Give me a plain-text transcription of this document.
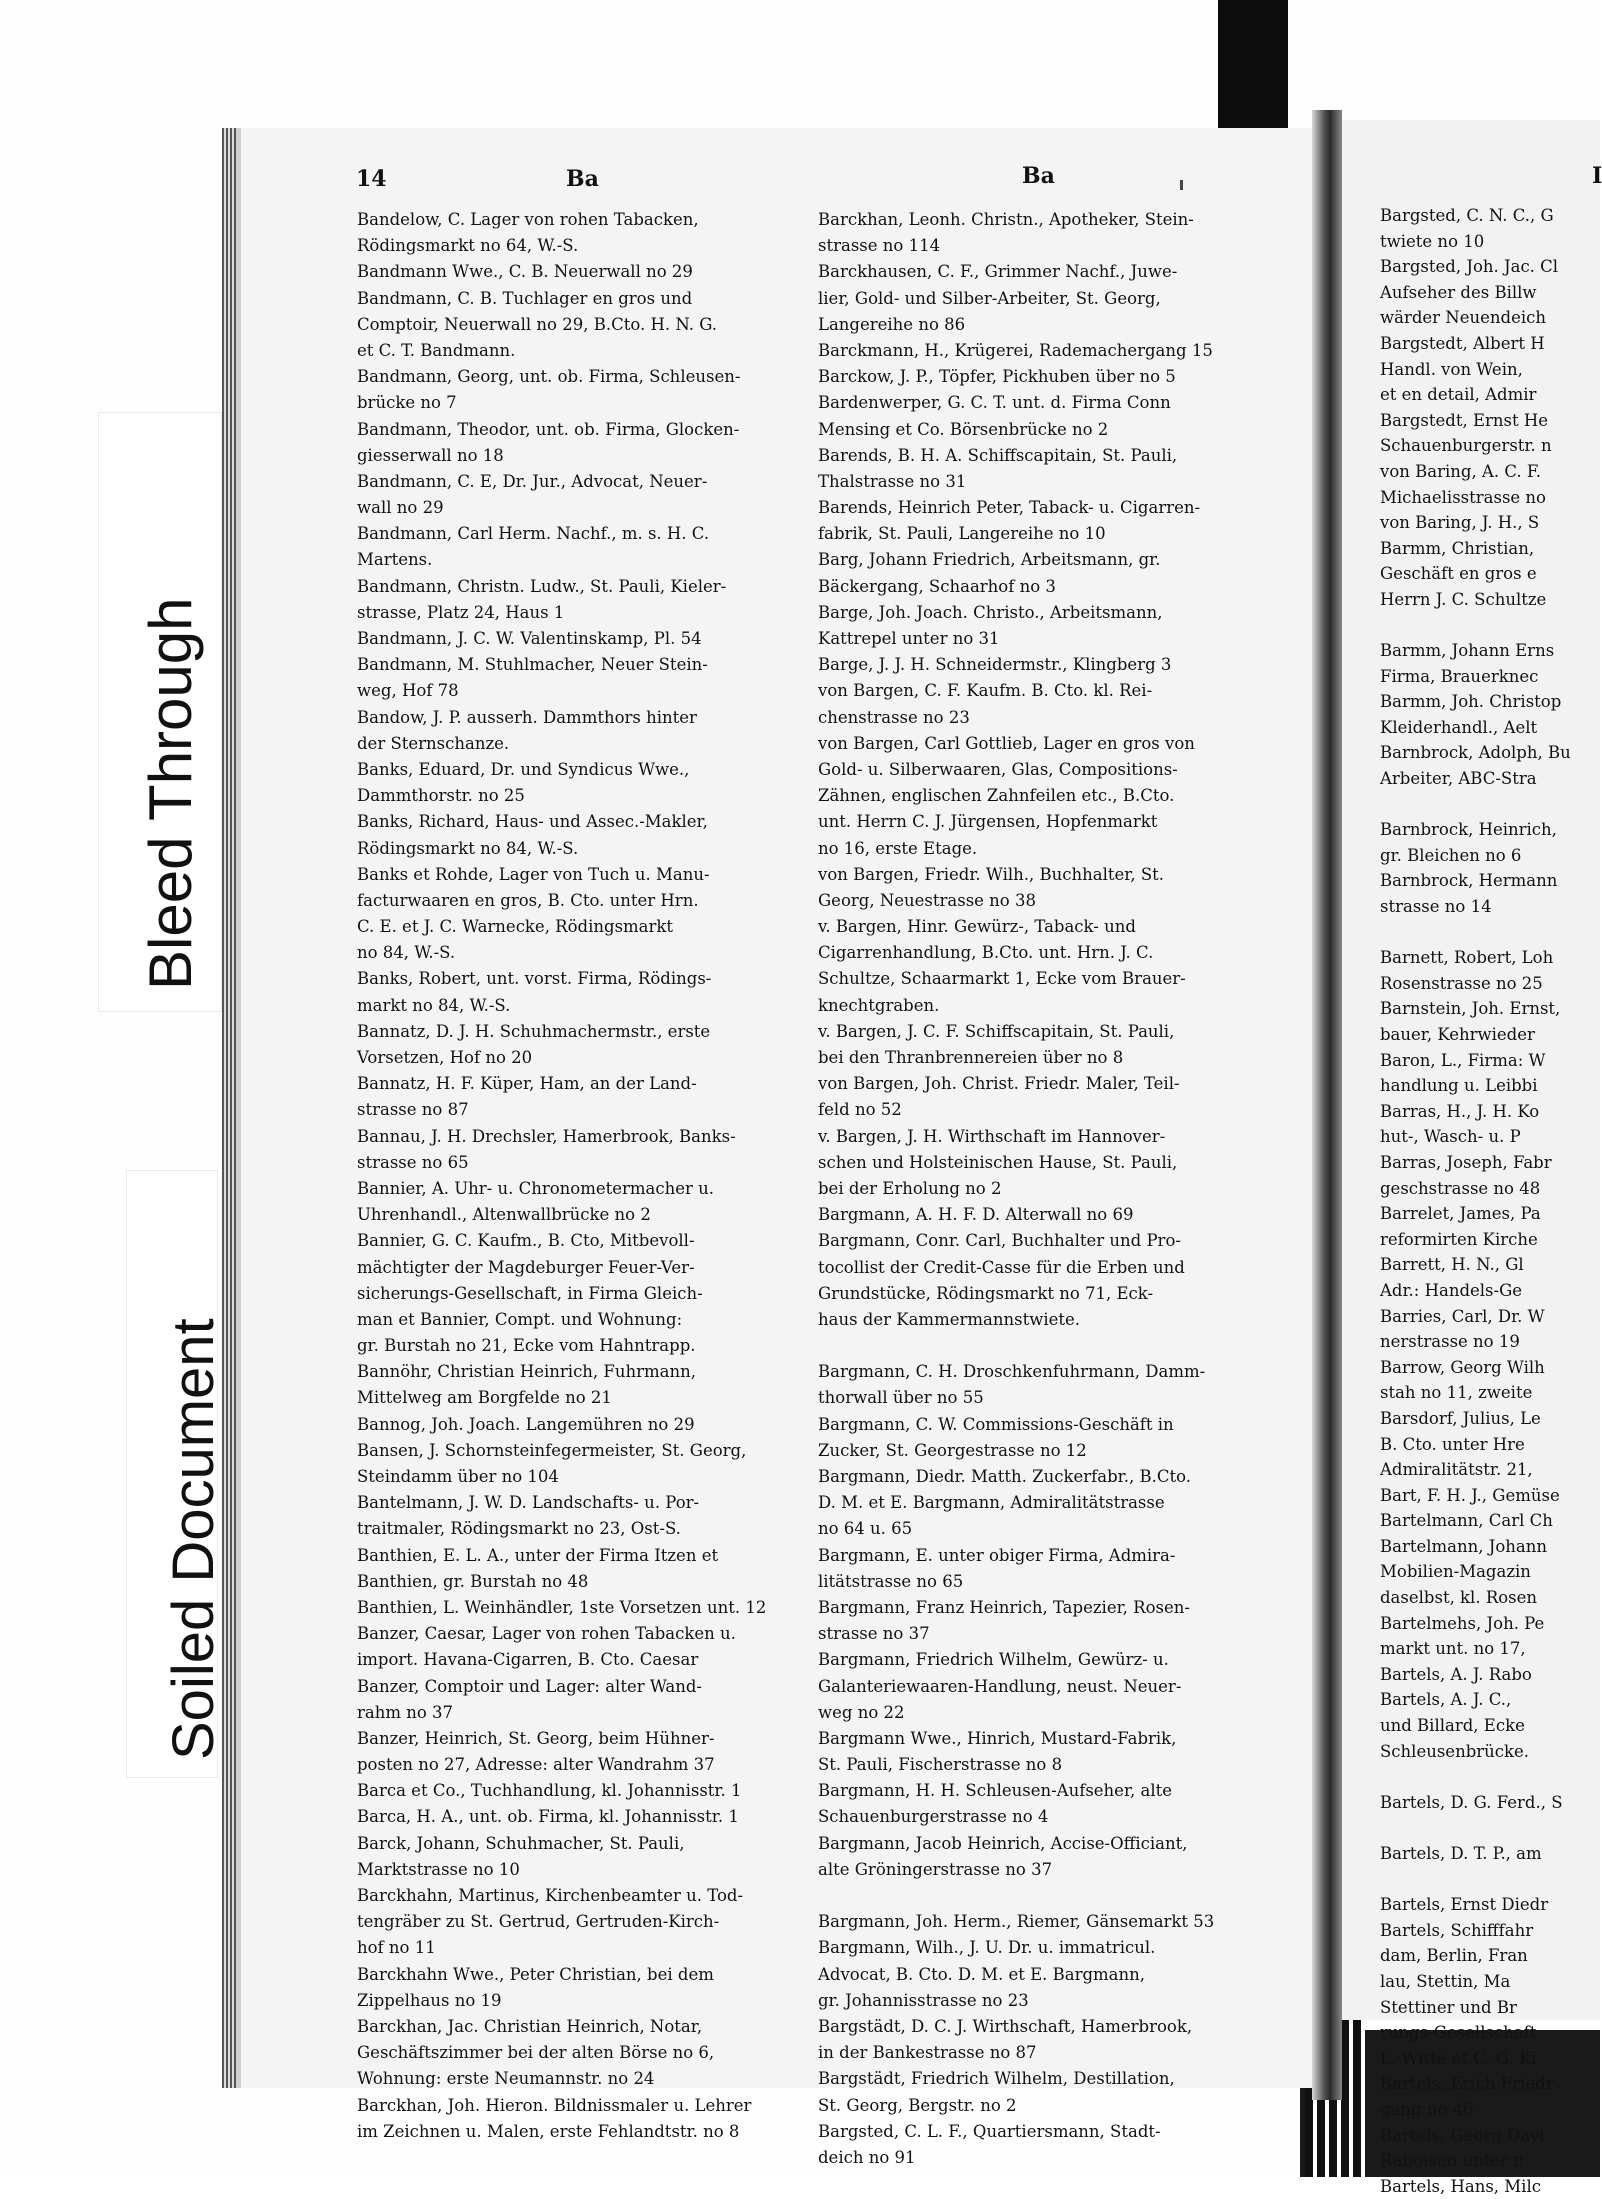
14	Ba	Ba	I
Bandelow, C. Lager von rohen Tabacken,
Rödingsmarkt no 64, W.-S.
Bandmann Wwe., C. B. Neuerwall no 29
Bandmann, C. B. Tuchlager en gros und
Comptoir, Neuerwall no 29, B.Cto. H. N. G.
et C. T. Bandmann.
Bandmann, Georg, unt. ob. Firma, Schleusen-
brücke no 7
Bandmann, Theodor, unt. ob. Firma, Glocken-
giesserwall no 18
Bandmann, C. E, Dr. Jur., Advocat, Neuer-
wall no 29
Bandmann, Carl Herm. Nachf., m. s. H. C.
Martens.
Bandmann, Christn. Ludw., St. Pauli, Kieler-
strasse, Platz 24, Haus 1
Bandmann, J. C. W. Valentinskamp, Pl. 54
Bandmann, M. Stuhlmacher, Neuer Stein-
weg, Hof 78
Bandow, J. P. ausserh. Dammthors hinter
der Sternschanze.
Banks, Eduard, Dr. und Syndicus Wwe.,
Dammthorstr. no 25
Banks, Richard, Haus- und Assec.-Makler,
Rödingsmarkt no 84, W.-S.
Banks et Rohde, Lager von Tuch u. Manu-
facturwaaren en gros, B. Cto. unter Hrn.
C. E. et J. C. Warnecke, Rödingsmarkt
no 84, W.-S.
Banks, Robert, unt. vorst. Firma, Rödings-
markt no 84, W.-S.
Bannatz, D. J. H. Schuhmachermstr., erste
Vorsetzen, Hof no 20
Bannatz, H. F. Küper, Ham, an der Land-
strasse no 87
Bannau, J. H. Drechsler, Hamerbrook, Banks-
strasse no 65
Bannier, A. Uhr- u. Chronometermacher u.
Uhrenhandl., Altenwallbrücke no 2
Bannier, G. C. Kaufm., B. Cto, Mitbevoll-
mächtigter der Magdeburger Feuer-Ver-
sicherungs-Gesellschaft, in Firma Gleich-
man et Bannier, Compt. und Wohnung:
gr. Burstah no 21, Ecke vom Hahntrapp.
Bannöhr, Christian Heinrich, Fuhrmann,
Mittelweg am Borgfelde no 21
Bannog, Joh. Joach. Langemühren no 29
Bansen, J. Schornsteinfegermeister, St. Georg,
Steindamm über no 104
Bantelmann, J. W. D. Landschafts- u. Por-
traitmaler, Rödingsmarkt no 23, Ost-S.
Banthien, E. L. A., unter der Firma Itzen et
Banthien, gr. Burstah no 48
Banthien, L. Weinhändler, 1ste Vorsetzen unt. 12
Banzer, Caesar, Lager von rohen Tabacken u.
import. Havana-Cigarren, B. Cto. Caesar
Banzer, Comptoir und Lager: alter Wand-
rahm no 37
Banzer, Heinrich, St. Georg, beim Hühner-
posten no 27, Adresse: alter Wandrahm 37
Barca et Co., Tuchhandlung, kl. Johannisstr. 1
Barca, H. A., unt. ob. Firma, kl. Johannisstr. 1
Barck, Johann, Schuhmacher, St. Pauli,
Marktstrasse no 10
Barckhahn, Martinus, Kirchenbeamter u. Tod-
tengräber zu St. Gertrud, Gertruden-Kirch-
hof no 11
Barckhahn Wwe., Peter Christian, bei dem
Zippelhaus no 19
Barckhan, Jac. Christian Heinrich, Notar,
Geschäftszimmer bei der alten Börse no 6,
Wohnung: erste Neumannstr. no 24
Barckhan, Joh. Hieron. Bildnissmaler u. Lehrer
im Zeichnen u. Malen, erste Fehlandtstr. no 8
Barckhan, Leonh. Christn., Apotheker, Stein-
strasse no 114
Barckhausen, C. F., Grimmer Nachf., Juwe-
lier, Gold- und Silber-Arbeiter, St. Georg,
Langereihe no 86
Barckmann, H., Krügerei, Rademachergang 15
Barckow, J. P., Töpfer, Pickhuben über no 5
Bardenwerper, G. C. T. unt. d. Firma Conn
Mensing et Co. Börsenbrücke no 2
Barends, B. H. A. Schiffscapitain, St. Pauli,
Thalstrasse no 31
Barends, Heinrich Peter, Taback- u. Cigarren-
fabrik, St. Pauli, Langereihe no 10
Barg, Johann Friedrich, Arbeitsmann, gr.
Bäckergang, Schaarhof no 3
Barge, Joh. Joach. Christo., Arbeitsmann,
Kattrepel unter no 31
Barge, J. J. H. Schneidermstr., Klingberg 3
von Bargen, C. F. Kaufm. B. Cto. kl. Rei-
chenstrasse no 23
von Bargen, Carl Gottlieb, Lager en gros von
Gold- u. Silberwaaren, Glas, Compositions-
Zähnen, englischen Zahnfeilen etc., B.Cto.
unt. Herrn C. J. Jürgensen, Hopfenmarkt
no 16, erste Etage.
von Bargen, Friedr. Wilh., Buchhalter, St.
Georg, Neuestrasse no 38
v. Bargen, Hinr. Gewürz-, Taback- und
Cigarrenhandlung, B.Cto. unt. Hrn. J. C.
Schultze, Schaarmarkt 1, Ecke vom Brauer-
knechtgraben.
v. Bargen, J. C. F. Schiffscapitain, St. Pauli,
bei den Thranbrennereien über no 8
von Bargen, Joh. Christ. Friedr. Maler, Teil-
feld no 52
v. Bargen, J. H. Wirthschaft im Hannover-
schen und Holsteinischen Hause, St. Pauli,
bei der Erholung no 2
Bargmann, A. H. F. D. Alterwall no 69
Bargmann, Conr. Carl, Buchhalter und Pro-
tocollist der Credit-Casse für die Erben und
Grundstücke, Rödingsmarkt no 71, Eck-
haus der Kammermannstwiete.
Bargmann, C. H. Droschkenfuhrmann, Damm-
thorwall über no 55
Bargmann, C. W. Commissions-Geschäft in
Zucker, St. Georgestrasse no 12
Bargmann, Diedr. Matth. Zuckerfabr., B.Cto.
D. M. et E. Bargmann, Admiralitätstrasse
no 64 u. 65
Bargmann, E. unter obiger Firma, Admira-
litätstrasse no 65
Bargmann, Franz Heinrich, Tapezier, Rosen-
strasse no 37
Bargmann, Friedrich Wilhelm, Gewürz- u.
Galanteriewaaren-Handlung, neust. Neuer-
weg no 22
Bargmann Wwe., Hinrich, Mustard-Fabrik,
St. Pauli, Fischerstrasse no 8
Bargmann, H. H. Schleusen-Aufseher, alte
Schauenburgerstrasse no 4
Bargmann, Jacob Heinrich, Accise-Officiant,
alte Gröningerstrasse no 37
Bargmann, Joh. Herm., Riemer, Gänsemarkt 53
Bargmann, Wilh., J. U. Dr. u. immatricul.
Advocat, B. Cto. D. M. et E. Bargmann,
gr. Johannisstrasse no 23
Bargstädt, D. C. J. Wirthschaft, Hamerbrook,
in der Bankestrasse no 87
Bargstädt, Friedrich Wilhelm, Destillation,
St. Georg, Bergstr. no 2
Bargsted, C. L. F., Quartiersmann, Stadt-
deich no 91
Bargsted, C. N. C., G
twiete no 10
Bargsted, Joh. Jac. Cl
Aufseher des Billw
wärder Neuendeich
Bargstedt, Albert H
Handl. von Wein,
et en detail, Admir
Bargstedt, Ernst He
Schauenburgerstr. n
von Baring, A. C. F.
Michaelisstrasse no
von Baring, J. H., S
Barmm, Christian,
Geschäft en gros e
Herrn J. C. Schultze
Barmm, Johann Erns
Firma, Brauerknec
Barmm, Joh. Christop
Kleiderhandl., Aelt
Barnbrock, Adolph, Bu
Arbeiter, ABC-Stra
Barnbrock, Heinrich,
gr. Bleichen no 6
Barnbrock, Hermann
strasse no 14
Barnett, Robert, Loh
Rosenstrasse no 25
Barnstein, Joh. Ernst,
bauer, Kehrwieder
Baron, L., Firma: W
handlung u. Leibbi
Barras, H., J. H. Ko
hut-, Wasch- u. P
Barras, Joseph, Fabr
geschstrasse no 48
Barrelet, James, Pa
reformirten Kirche
Barrett, H. N., Gl
Adr.: Handels-Ge
Barries, Carl, Dr. W
nerstrasse no 19
Barrow, Georg Wilh
stah no 11, zweite
Barsdorf, Julius, Le
B. Cto. unter Hre
Admiralitätstr. 21,
Bart, F. H. J., Gemüse
Bartelmann, Carl Ch
Bartelmann, Johann
Mobilien-Magazin
daselbst, kl. Rosen
Bartelmehs, Joh. Pe
markt unt. no 17,
Bartels, A. J. Rabo
Bartels, A. J. C.,
und Billard, Ecke
Schleusenbrücke.
Bartels, D. G. Ferd., S
Bartels, D. T. P., am
Bartels, Ernst Diedr
Bartels, Schifffahr
dam, Berlin, Fran
lau, Stettin, Ma
Stettiner und Br
rungs-Gesellschaft
L. Witte et C. G. Ki
Bartels, Erich Friedr
gang no 46
Bartels, Georg Davi
Raboisen unter n
Bartels, Hans, Milc
Bleed Through
Soiled Document
